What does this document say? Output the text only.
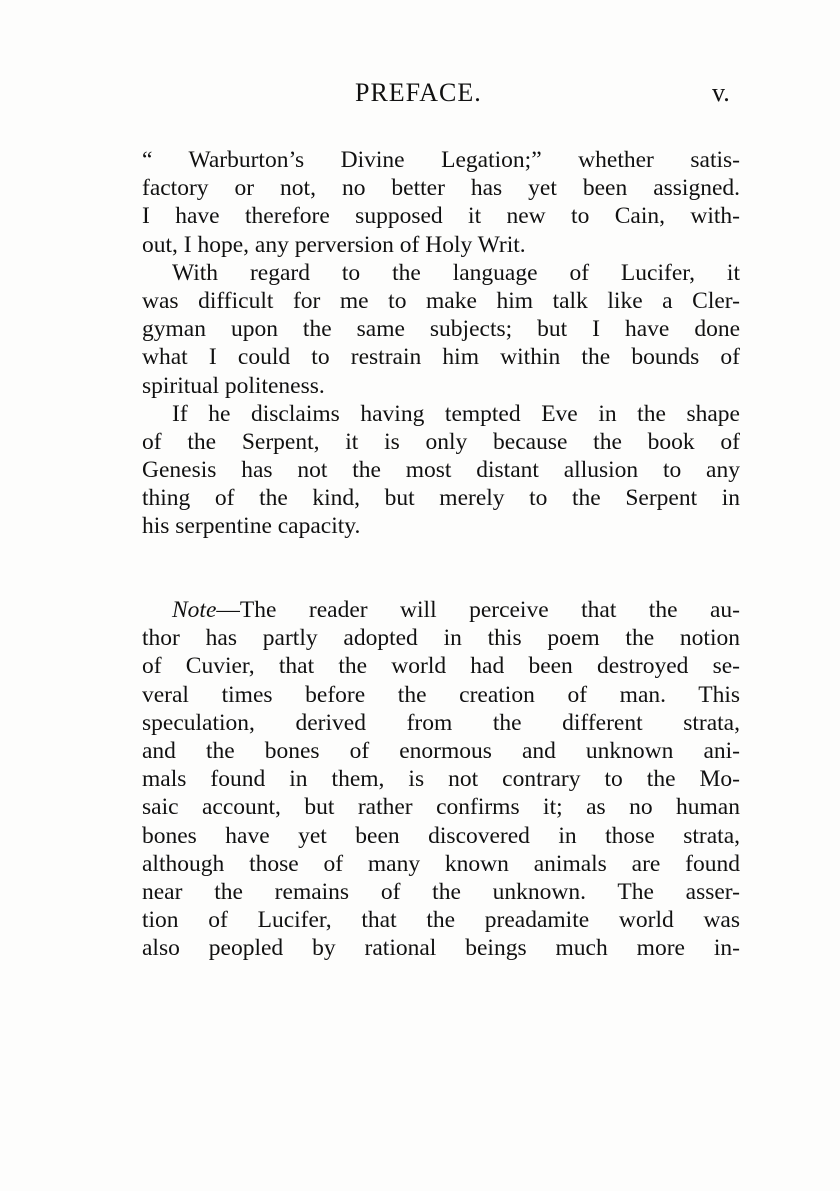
PREFACE.	v.
“ Warburton’s Divine Legation;” whether satis-
factory or not, no better has yet been assigned.
I have therefore supposed it new to Cain, with-
out, I hope, any perversion of Holy Writ.
With regard to the language of Lucifer, it
was difficult for me to make him talk like a Cler-
gyman upon the same subjects; but I have done
what I could to restrain him within the bounds of
spiritual politeness.
If he disclaims having tempted Eve in the shape
of the Serpent, it is only because the book of
Genesis has not the most distant allusion to any
thing of the kind, but merely to the Serpent in
his serpentine capacity.
Note—The reader will perceive that the au-
thor has partly adopted in this poem the notion
of Cuvier, that the world had been destroyed se-
veral times before the creation of man. This
speculation, derived from the different strata,
and the bones of enormous and unknown ani-
mals found in them, is not contrary to the Mo-
saic account, but rather confirms it; as no human
bones have yet been discovered in those strata,
although those of many known animals are found
near the remains of the unknown. The asser-
tion of Lucifer, that the preadamite world was
also peopled by rational beings much more in-
